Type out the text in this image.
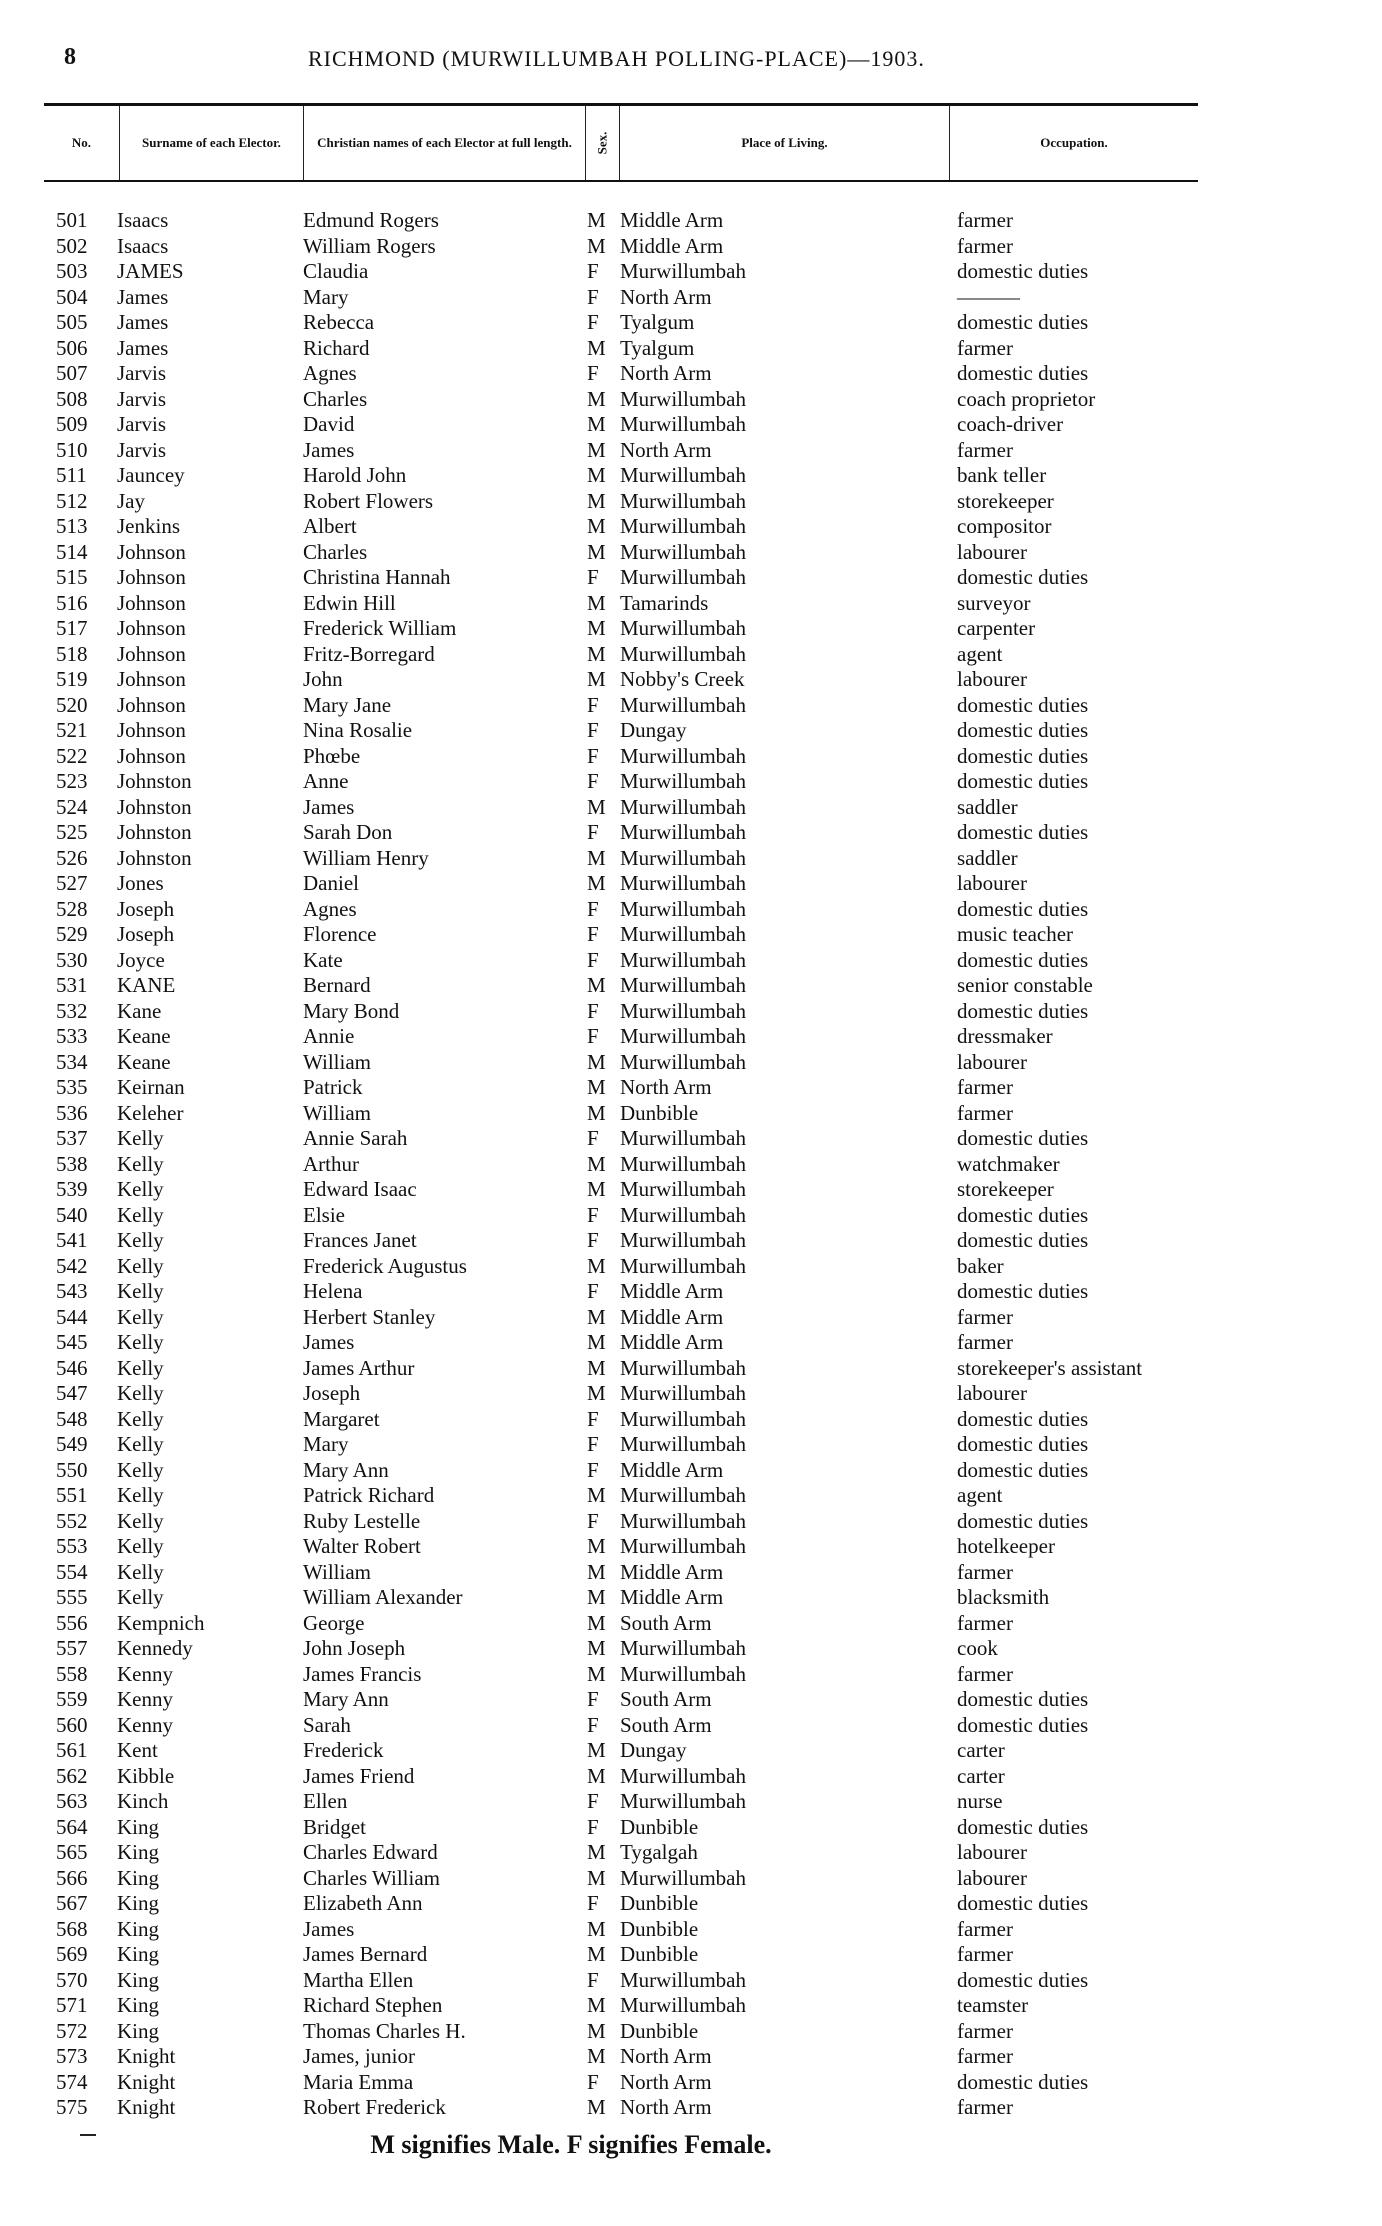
8	RICHMOND (MURWILLUMBAH POLLING-PLACE)—1903.
No.	Surname of each Elector.	Christian names of each Elector at full length.	Sex.	Place of Living.	Occupation.
501	Isaacs	Edmund Rogers	M Middle Arm	farmer
502	Isaacs	William Rogers	M Middle Arm	farmer
503	JAMES	Claudia	F Murwillumbah	domestic duties
504	James	Mary	F North Arm	———
505	James	Rebecca	F Tyalgum	domestic duties
506	James	Richard	M Tyalgum	farmer
507	Jarvis	Agnes	F North Arm	domestic duties
508	Jarvis	Charles	M Murwillumbah	coach proprietor
509	Jarvis	David	M Murwillumbah	coach-driver
510	Jarvis	James	M North Arm	farmer
511	Jauncey	Harold John	M Murwillumbah	bank teller
512	Jay	Robert Flowers	M Murwillumbah	storekeeper
513	Jenkins	Albert	M Murwillumbah	compositor
514	Johnson	Charles	M Murwillumbah	labourer
515	Johnson	Christina Hannah	F Murwillumbah	domestic duties
516	Johnson	Edwin Hill	M Tamarinds	surveyor
517	Johnson	Frederick William	M Murwillumbah	carpenter
518	Johnson	Fritz-Borregard	M Murwillumbah	agent
519	Johnson	John	M Nobby's Creek	labourer
520	Johnson	Mary Jane	F Murwillumbah	domestic duties
521	Johnson	Nina Rosalie	F Dungay	domestic duties
522	Johnson	Phœbe	F Murwillumbah	domestic duties
523	Johnston	Anne	F Murwillumbah	domestic duties
524	Johnston	James	M Murwillumbah	saddler
525	Johnston	Sarah Don	F Murwillumbah	domestic duties
526	Johnston	William Henry	M Murwillumbah	saddler
527	Jones	Daniel	M Murwillumbah	labourer
528	Joseph	Agnes	F Murwillumbah	domestic duties
529	Joseph	Florence	F Murwillumbah	music teacher
530	Joyce	Kate	F Murwillumbah	domestic duties
531	KANE	Bernard	M Murwillumbah	senior constable
532	Kane	Mary Bond	F Murwillumbah	domestic duties
533	Keane	Annie	F Murwillumbah	dressmaker
534	Keane	William	M Murwillumbah	labourer
535	Keirnan	Patrick	M North Arm	farmer
536	Keleher	William	M Dunbible	farmer
537	Kelly	Annie Sarah	F Murwillumbah	domestic duties
538	Kelly	Arthur	M Murwillumbah	watchmaker
539	Kelly	Edward Isaac	M Murwillumbah	storekeeper
540	Kelly	Elsie	F Murwillumbah	domestic duties
541	Kelly	Frances Janet	F Murwillumbah	domestic duties
542	Kelly	Frederick Augustus	M Murwillumbah	baker
543	Kelly	Helena	F Middle Arm	domestic duties
544	Kelly	Herbert Stanley	M Middle Arm	farmer
545	Kelly	James	M Middle Arm	farmer
546	Kelly	James Arthur	M Murwillumbah	storekeeper's assistant
547	Kelly	Joseph	M Murwillumbah	labourer
548	Kelly	Margaret	F Murwillumbah	domestic duties
549	Kelly	Mary	F Murwillumbah	domestic duties
550	Kelly	Mary Ann	F Middle Arm	domestic duties
551	Kelly	Patrick Richard	M Murwillumbah	agent
552	Kelly	Ruby Lestelle	F Murwillumbah	domestic duties
553	Kelly	Walter Robert	M Murwillumbah	hotelkeeper
554	Kelly	William	M Middle Arm	farmer
555	Kelly	William Alexander	M Middle Arm	blacksmith
556	Kempnich	George	M South Arm	farmer
557	Kennedy	John Joseph	M Murwillumbah	cook
558	Kenny	James Francis	M Murwillumbah	farmer
559	Kenny	Mary Ann	F South Arm	domestic duties
560	Kenny	Sarah	F South Arm	domestic duties
561	Kent	Frederick	M Dungay	carter
562	Kibble	James Friend	M Murwillumbah	carter
563	Kinch	Ellen	F Murwillumbah	nurse
564	King	Bridget	F Dunbible	domestic duties
565	King	Charles Edward	M Tygalgah	labourer
566	King	Charles William	M Murwillumbah	labourer
567	King	Elizabeth Ann	F Dunbible	domestic duties
568	King	James	M Dunbible	farmer
569	King	James Bernard	M Dunbible	farmer
570	King	Martha Ellen	F Murwillumbah	domestic duties
571	King	Richard Stephen	M Murwillumbah	teamster
572	King	Thomas Charles H.	M Dunbible	farmer
573	Knight	James, junior	M North Arm	farmer
574	Knight	Maria Emma	F North Arm	domestic duties
575	Knight	Robert Frederick	M North Arm	farmer
M signifies Male. F signifies Female.
